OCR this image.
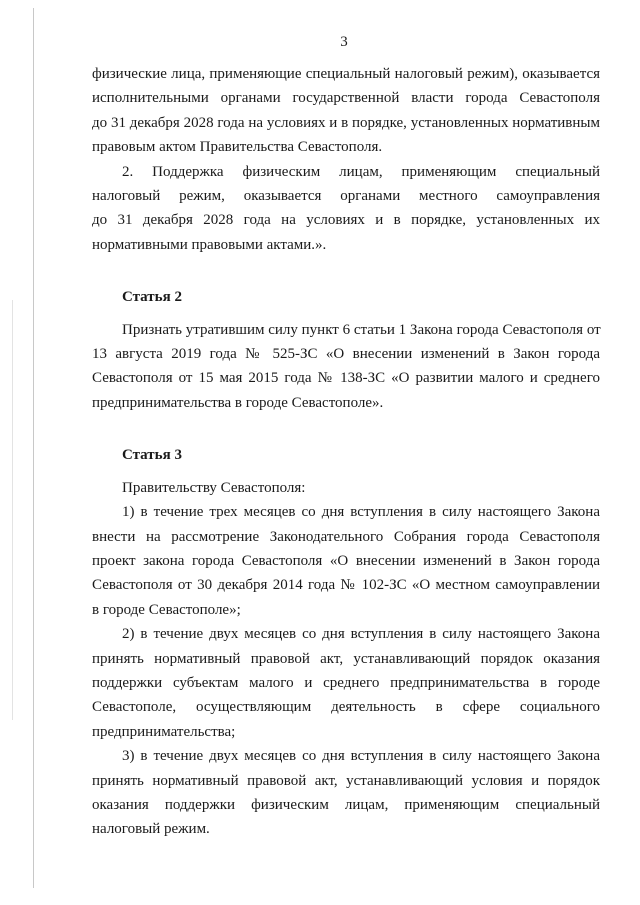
3
физические лица, применяющие специальный налоговый режим), оказывается
исполнительными органами государственной власти города Севастополя
до 31 декабря 2028 года на условиях и в порядке, установленных нормативным
правовым актом Правительства Севастополя.
2. Поддержка физическим лицам, применяющим специальный
налоговый режим, оказывается органами местного самоуправления
до 31 декабря 2028 года на условиях и в порядке, установленных их
нормативными правовыми актами.».

Статья 2

Признать утратившим силу пункт 6 статьи 1 Закона города Севастополя от
13 августа 2019 года № 525-ЗС «О внесении изменений в Закон города
Севастополя от 15 мая 2015 года № 138-ЗС «О развитии малого и среднего
предпринимательства в городе Севастополе».

Статья 3

Правительству Севастополя:
1) в течение трех месяцев со дня вступления в силу настоящего Закона
внести на рассмотрение Законодательного Собрания города Севастополя
проект закона города Севастополя «О внесении изменений в Закон города
Севастополя от 30 декабря 2014 года № 102-ЗС «О местном самоуправлении
в городе Севастополе»;
2) в течение двух месяцев со дня вступления в силу настоящего Закона
принять нормативный правовой акт, устанавливающий порядок оказания
поддержки субъектам малого и среднего предпринимательства в городе
Севастополе, осуществляющим деятельность в сфере социального
предпринимательства;
3) в течение двух месяцев со дня вступления в силу настоящего Закона
принять нормативный правовой акт, устанавливающий условия и порядок
оказания поддержки физическим лицам, применяющим специальный
налоговый режим.
